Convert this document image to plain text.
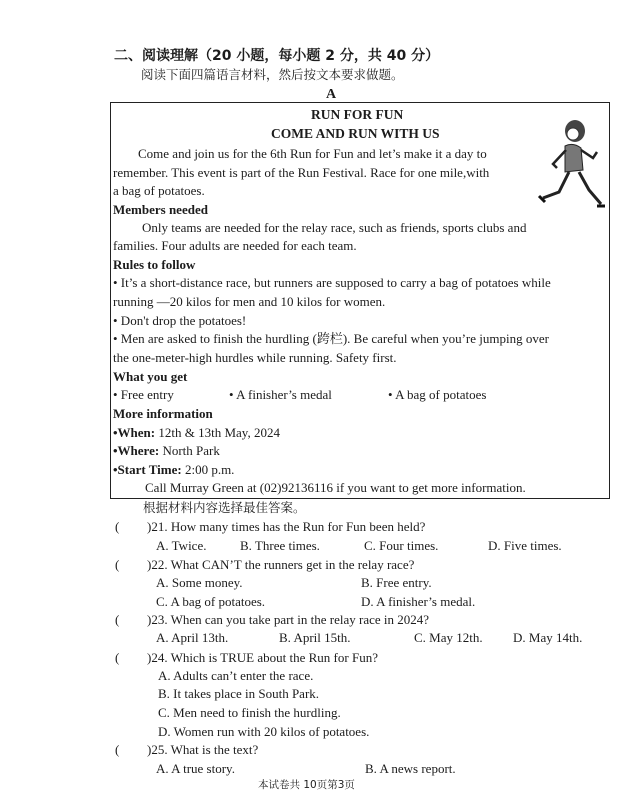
二、阅读理解（20 小题，每小题 2 分，共 40 分）
阅读下面四篇语言材料，然后按文本要求做题。
A
RUN FOR FUN
COME AND RUN WITH US
Come and join us for the 6th Run for Fun and let’s make it a day to
remember. This event is part of the Run Festival. Race for one mile,with
a bag of potatoes.
Members needed
Only teams are needed for the relay race, such as friends, sports clubs and
families. Four adults are needed for each team.
Rules to follow
• It’s a short-distance race, but runners are supposed to carry a bag of potatoes while
running —20 kilos for men and 10 kilos for women.
• Don't drop the potatoes!
• Men are asked to finish the hurdling (跨栏). Be careful when you’re jumping over
the one-meter-high hurdles while running. Safety first.
What you get
• Free entry	• A finisher’s medal	• A bag of potatoes
More information
•When: 12th & 13th May, 2024
•Where: North Park
•Start Time: 2:00 p.m.
Call Murray Green at (02)92136116 if you want to get more information.
根据材料内容选择最佳答案。
( )21. How many times has the Run for Fun been held?
A. Twice.	B. Three times.	C. Four times.	D. Five times.
( )22. What CAN’T the runners get in the relay race?
A. Some money.	B. Free entry.
C. A bag of potatoes.	D. A finisher’s medal.
( )23. When can you take part in the relay race in 2024?
A. April 13th.	B. April 15th.	C. May 12th. D. May 14th.
( )24. Which is TRUE about the Run for Fun?
A. Adults can’t enter the race.
B. It takes place in South Park.
C. Men need to finish the hurdling.
D. Women run with 20 kilos of potatoes.
( )25. What is the text?
A. A true story.	B. A news report.
本试卷共 10页第3页
